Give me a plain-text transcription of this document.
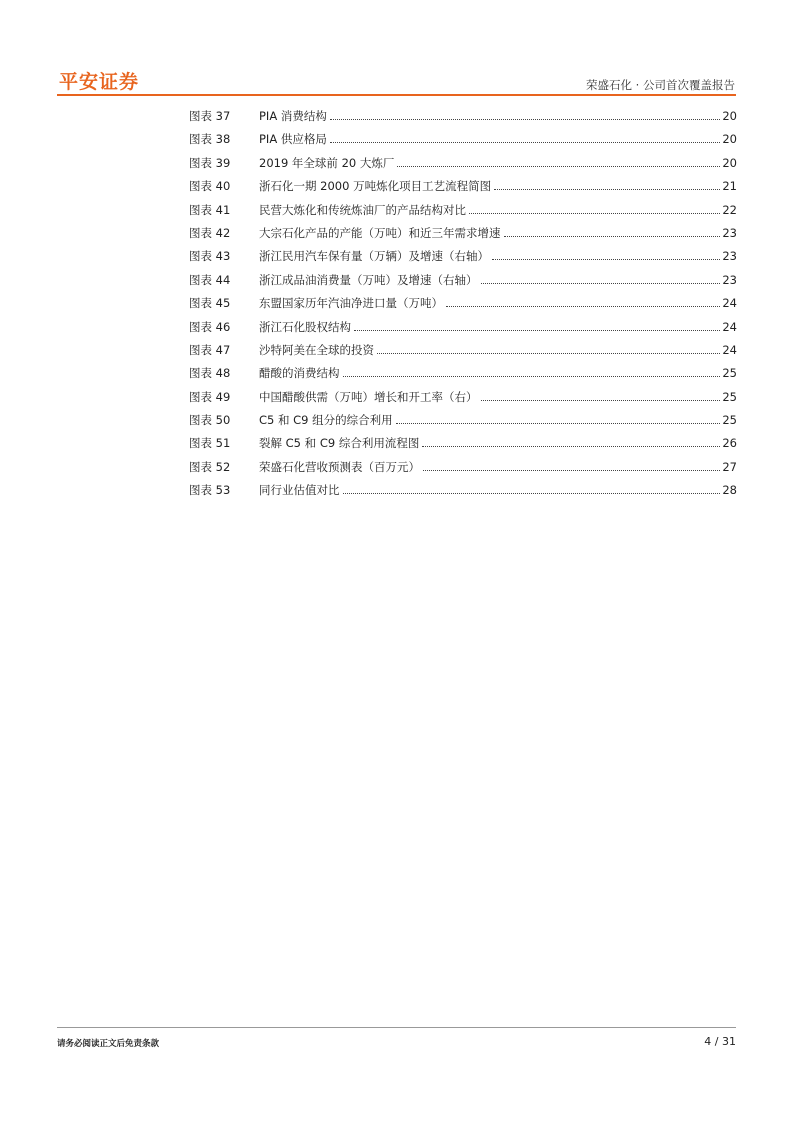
平安证券	荣盛石化 · 公司首次覆盖报告
图表 37	PIA 消费结构	20
图表 38	PIA 供应格局	20
图表 39	2019 年全球前 20 大炼厂	20
图表 40	浙石化一期 2000 万吨炼化项目工艺流程简图	21
图表 41	民营大炼化和传统炼油厂的产品结构对比	22
图表 42	大宗石化产品的产能（万吨）和近三年需求增速	23
图表 43	浙江民用汽车保有量（万辆）及增速（右轴）	23
图表 44	浙江成品油消费量（万吨）及增速（右轴）	23
图表 45	东盟国家历年汽油净进口量（万吨）	24
图表 46	浙江石化股权结构	24
图表 47	沙特阿美在全球的投资	24
图表 48	醋酸的消费结构	25
图表 49	中国醋酸供需（万吨）增长和开工率（右）	25
图表 50	C5 和 C9 组分的综合利用	25
图表 51	裂解 C5 和 C9 综合利用流程图	26
图表 52	荣盛石化营收预测表（百万元）	27
图表 53	同行业估值对比	28
请务必阅读正文后免责条款	4 / 31
